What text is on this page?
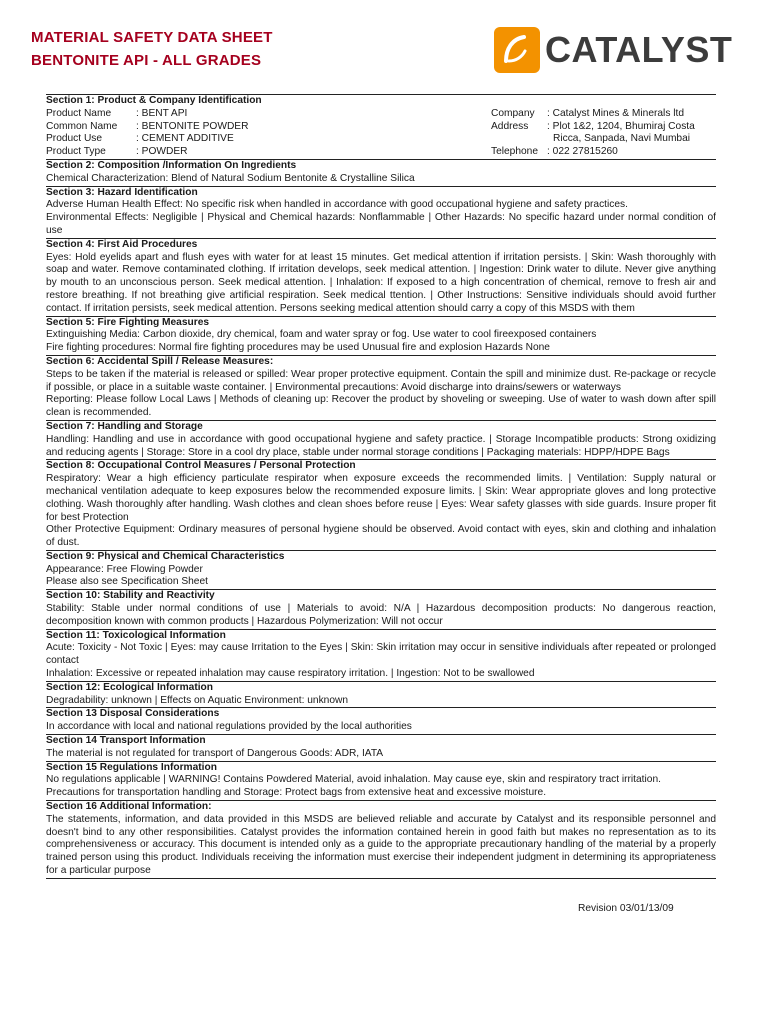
MATERIAL SAFETY DATA SHEET
BENTONITE API - ALL GRADES	CATALYST
Section 1: Product & Company Identification
Product Name	: BENT API
Common Name	: BENTONITE POWDER
Product Use	: CEMENT ADDITIVE
Product Type	: POWDER
Company	: Catalyst Mines & Minerals ltd
Address	: Plot 1&2, 1204, Bhumiraj Costa
Ricca, Sanpada, Navi Mumbai
Telephone : 022 27815260
Section 2: Composition /Information On Ingredients

Chemical Characterization: Blend of Natural Sodium Bentonite & Crystalline Silica

Section 3: Hazard Identification

Adverse Human Health Effect: No specific risk when handled in accordance with good occupational hygiene and safety practices.

Environmental Effects: Negligible | Physical and Chemical hazards: Nonflammable | Other Hazards: No specific hazard under normal condition of use

Section 4: First Aid Procedures

Eyes: Hold eyelids apart and flush eyes with water for at least 15 minutes. Get medical attention if irritation persists. | Skin: Wash thoroughly with soap and water. Remove contaminated clothing. If irritation develops, seek medical attention. | Ingestion: Drink water to dilute. Never give anything by mouth to an unconscious person. Seek medical attention. | Inhalation: If exposed to a high concentration of chemical, remove to fresh air and restore breathing. If not breathing give artificial respiration. Seek medical ttention. | Other Instructions: Sensitive individuals should avoid further contact. If irritation persists, seek medical attention. Persons seeking medical attention should carry a copy of this MSDS with them

Section 5: Fire Fighting Measures

Extinguishing Media: Carbon dioxide, dry chemical, foam and water spray or fog. Use water to cool fireexposed containers

Fire fighting procedures: Normal fire fighting procedures may be used Unusual fire and explosion Hazards None

Section 6: Accidental Spill / Release Measures:

Steps to be taken if the material is released or spilled: Wear proper protective equipment. Contain the spill and minimize dust. Re-package or recycle if possible, or place in a suitable waste container. | Environmental precautions: Avoid discharge into drains/sewers or waterways

Reporting: Please follow Local Laws | Methods of cleaning up: Recover the product by shoveling or sweeping. Use of water to wash down after spill clean is recommended.

Section 7: Handling and Storage

Handling: Handling and use in accordance with good occupational hygiene and safety practice. | Storage Incompatible products: Strong oxidizing and reducing agents | Storage: Store in a cool dry place, stable under normal storage conditions | Packaging materials: HDPP/HDPE Bags

Section 8: Occupational Control Measures / Personal Protection

Respiratory: Wear a high efficiency particulate respirator when exposure exceeds the recommended limits. | Ventilation: Supply natural or mechanical ventilation adequate to keep exposures below the recommended exposure limits. | Skin: Wear appropriate gloves and long protective clothing. Wash thoroughly after handling. Wash clothes and clean shoes before reuse | Eyes: Wear safety glasses with side guards. Insure proper fit for best Protection

Other Protective Equipment: Ordinary measures of personal hygiene should be observed. Avoid contact with eyes, skin and clothing and inhalation of dust.

Section 9: Physical and Chemical Characteristics

Appearance: Free Flowing Powder

Please also see Specification Sheet

Section 10: Stability and Reactivity

Stability: Stable under normal conditions of use | Materials to avoid: N/A | Hazardous decomposition products: No dangerous reaction, decomposition known with common products | Hazardous Polymerization: Will not occur

Section 11: Toxicological Information

Acute: Toxicity - Not Toxic | Eyes: may cause Irritation to the Eyes | Skin: Skin irritation may occur in sensitive individuals after repeated or prolonged contact

Inhalation: Excessive or repeated inhalation may cause respiratory irritation. | Ingestion: Not to be swallowed

Section 12: Ecological Information

Degradability: unknown | Effects on Aquatic Environment: unknown

Section 13 Disposal Considerations

In accordance with local and national regulations provided by the local authorities

Section 14 Transport Information

The material is not regulated for transport of Dangerous Goods: ADR, IATA

Section 15 Regulations Information

No regulations applicable | WARNING! Contains Powdered Material, avoid inhalation. May cause eye, skin and respiratory tract irritation.

Precautions for transportation handling and Storage: Protect bags from extensive heat and excessive moisture.

Section 16 Additional Information:

The statements, information, and data provided in this MSDS are believed reliable and accurate by Catalyst and its responsible personnel and doesn't bind to any other responsibilities. Catalyst provides the information contained herein in good faith but makes no representation as to its comprehensiveness or accuracy. This document is intended only as a guide to the appropriate precautionary handling of the material by a properly trained person using this product. Individuals receiving the information must exercise their independent judgment in determining its appropriateness for a particular purpose

Revision 03/01/13/09
